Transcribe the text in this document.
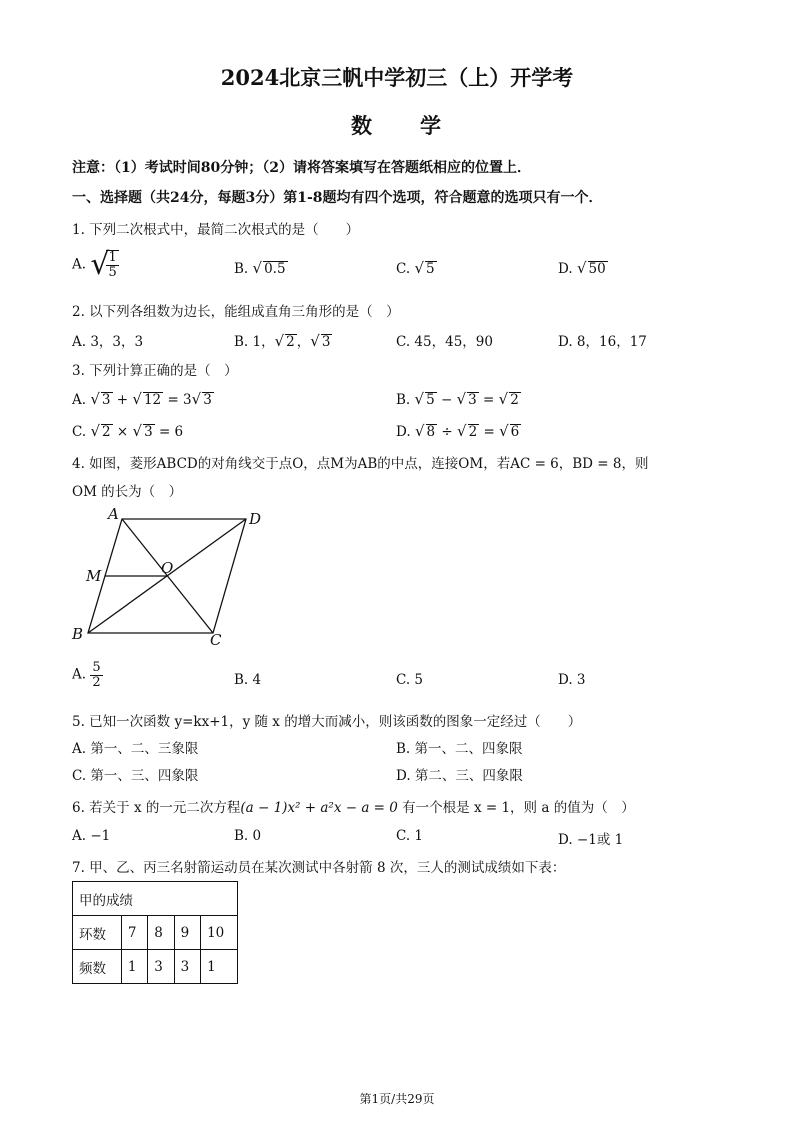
2024北京三帆中学初三（上）开学考
数　　学
注意：（1）考试时间80分钟；（2）请将答案填写在答题纸相应的位置上．
一、选择题（共24分，每题3分）第1-8题均有四个选项，符合题意的选项只有一个．
1. 下列二次根式中，最简二次根式的是（　　）
A. √
$\frac{1}{5}$	B. √ 0.5	C. √ 5	D. √ 50
2. 以下列各组数为边长，能组成直角三角形的是（　）
A. 3，3，3	B. 1，√ 2 ，√ 3	C. 45，45，90	D. 8，16，17
3. 下列计算正确的是（　）
A. √ 3 + √ 12 = 3√ 3	B. √ 5 − √ 3 = √ 2
C. √ 2 × √ 3 = 6	D. √ 8 ÷ √ 2 = √ 6
4. 如图，菱形ABCD的对角线交于点O，点M为AB的中点，连接OM，若AC = 6，BD = 8，则
OM 的长为（　）
A	D
O
M
B	C
A. $\frac{5}{2}$	B. 4	C. 5	D. 3
5. 已知一次函数 y=kx+1，y 随 x 的增大而减小，则该函数的图象一定经过（　　）
A. 第一、二、三象限	B. 第一、二、四象限
C. 第一、三、四象限	D. 第二、三、四象限
6. 若关于 x 的一元二次方程(a − 1)x² + a²x − a = 0 有一个根是 x = 1，则 a 的值为（　）
A. −1	B. 0	C. 1	D. −1或 1
7. 甲、乙、丙三名射箭运动员在某次测试中各射箭 8 次，三人的测试成绩如下表：
甲的成绩				
环数	7	8	9	10
频数	1	3	3	1
第1页/共29页
